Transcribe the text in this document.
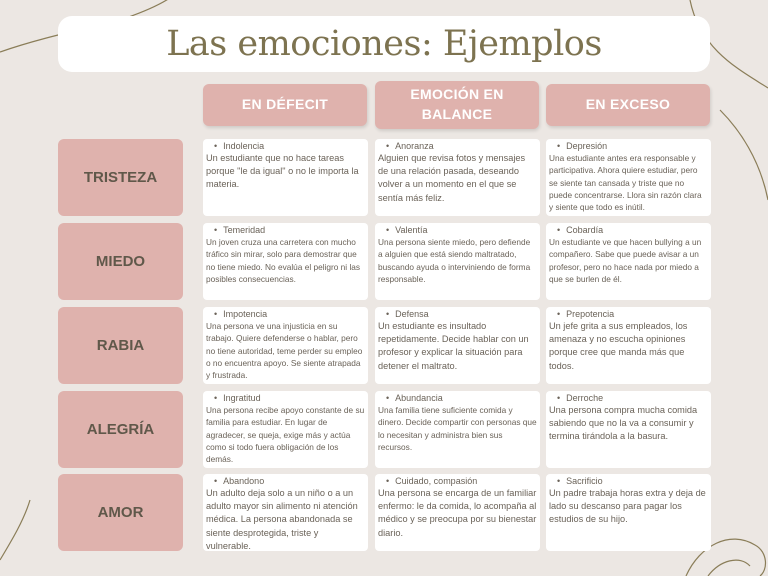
Las emociones: Ejemplos
EN DÉFECIT
EMOCIÓN EN BALANCE
EN EXCESO
TRISTEZA
• Indolencia
Un estudiante que no hace tareas porque "le da igual" o no le importa la materia.
• Anoranza
Alguien que revisa fotos y mensajes de una relación pasada, deseando volver a un momento en el que se sentía más feliz.
• Depresión
Una estudiante antes era responsable y participativa. Ahora quiere estudiar, pero se siente tan cansada y triste que no puede concentrarse. Llora sin razón clara y siente que todo es inútil.
MIEDO
• Temeridad
Un joven cruza una carretera con mucho tráfico sin mirar, solo para demostrar que no tiene miedo. No evalúa el peligro ni las posibles consecuencias.
• Valentía
Una persona siente miedo, pero defiende a alguien que está siendo maltratado, buscando ayuda o interviniendo de forma responsable.
• Cobardía
Un estudiante ve que hacen bullying a un compañero. Sabe que puede avisar a un profesor, pero no hace nada por miedo a que se burlen de él.
RABIA
• Impotencia
Una persona ve una injusticia en su trabajo. Quiere defenderse o hablar, pero no tiene autoridad, teme perder su empleo o no encuentra apoyo. Se siente atrapada y frustrada.
• Defensa
Un estudiante es insultado repetidamente. Decide hablar con un profesor y explicar la situación para detener el maltrato.
• Prepotencia
Un jefe grita a sus empleados, los amenaza y no escucha opiniones porque cree que manda más que todos.
ALEGRÍA
• Ingratitud
Una persona recibe apoyo constante de su familia para estudiar. En lugar de agradecer, se queja, exige más y actúa como si todo fuera obligación de los demás.
• Abundancia
Una familia tiene suficiente comida y dinero. Decide compartir con personas que lo necesitan y administra bien sus recursos.
• Derroche
Una persona compra mucha comida sabiendo que no la va a consumir y termina tirándola a la basura.
AMOR
• Abandono
Un adulto deja solo a un niño o a un adulto mayor sin alimento ni atención médica. La persona abandonada se siente desprotegida, triste y vulnerable.
• Cuidado, compasión
Una persona se encarga de un familiar enfermo: le da comida, lo acompaña al médico y se preocupa por su bienestar diario.
• Sacrificio
Un padre trabaja horas extra y deja de lado su descanso para pagar los estudios de su hijo.
